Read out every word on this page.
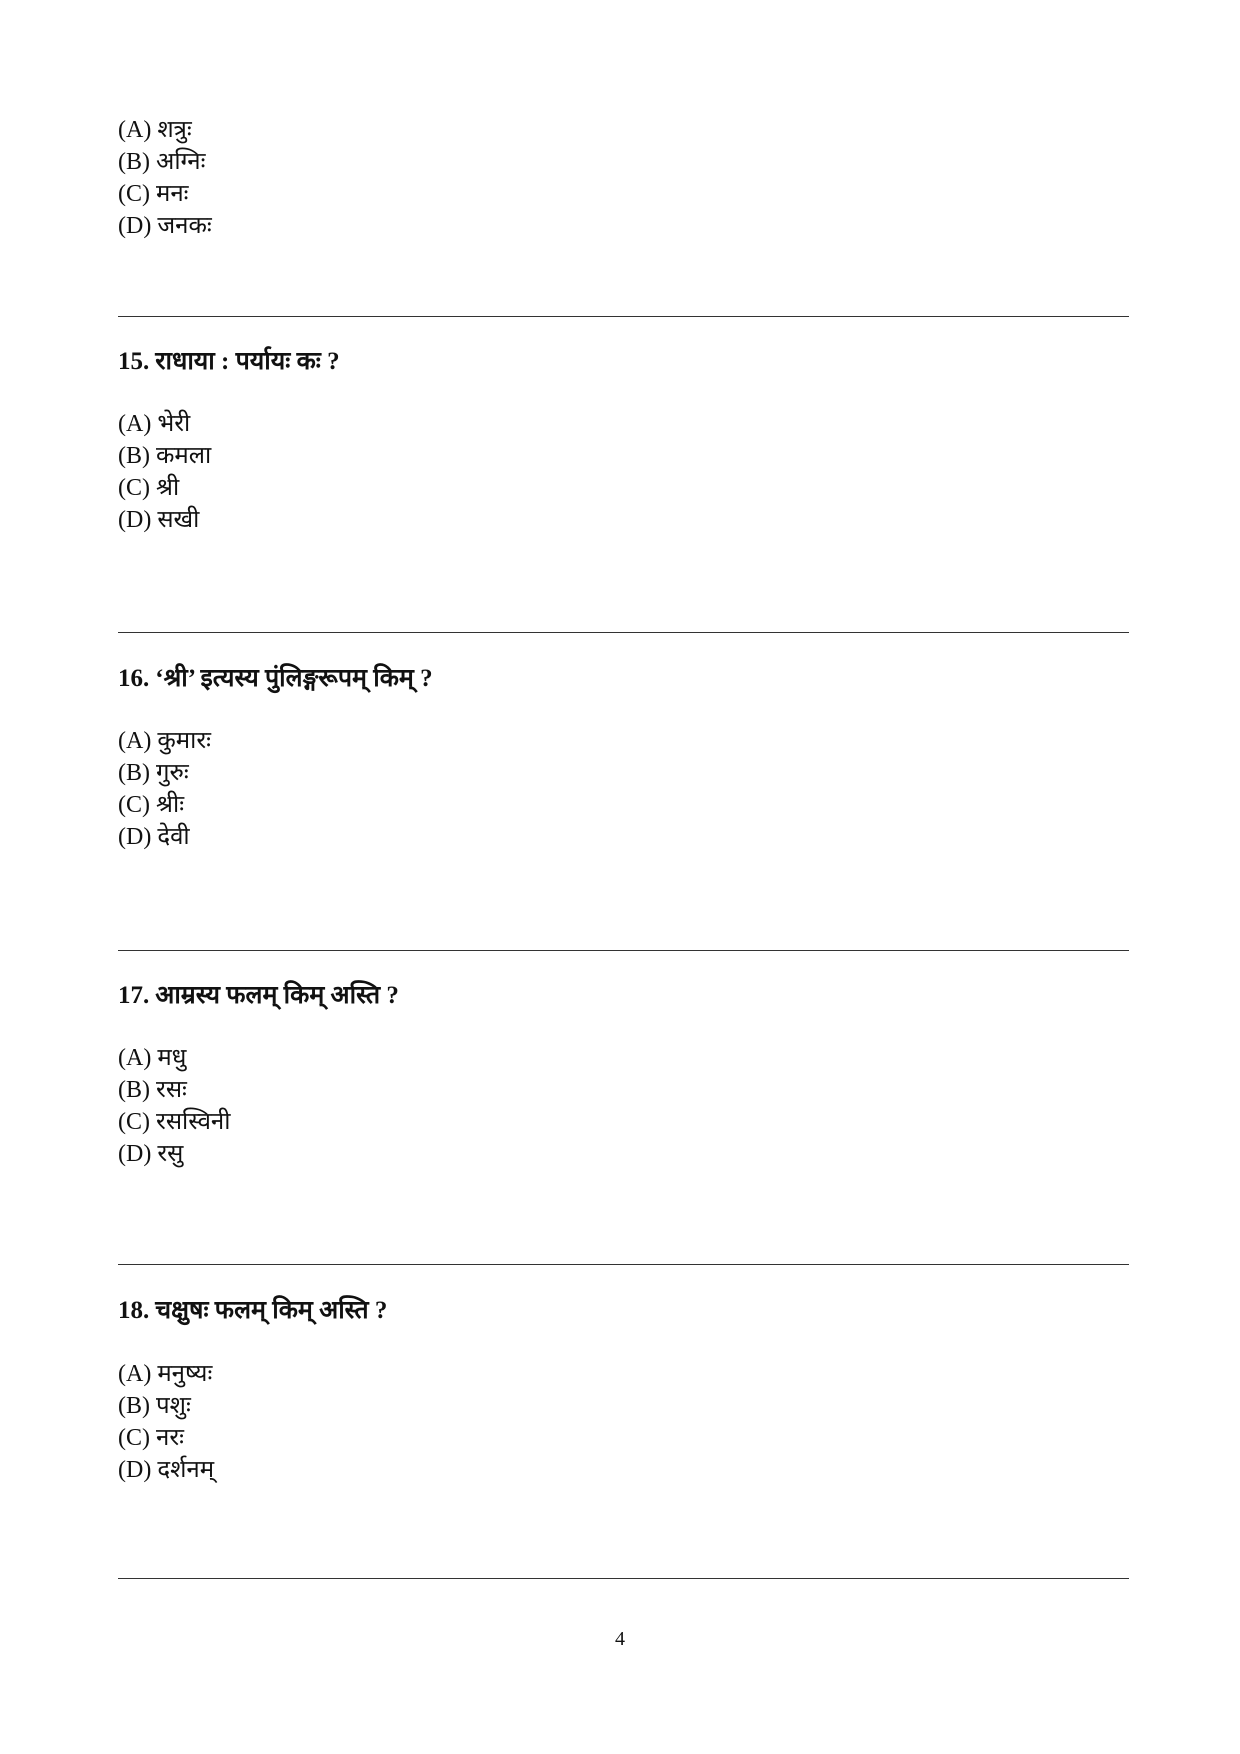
(A) शत्रुः
(B) अग्निः
(C) मनः
(D) जनकः

15. राधाया : पर्यायः कः ?

(A) भेरी
(B) कमला
(C) श्री
(D) सखी

16. ‘श्री’ इत्यस्य पुंलिङ्गरूपम् किम् ?

(A) कुमारः
(B) गुरुः
(C) श्रीः
(D) देवी

17. आम्रस्य फलम् किम् अस्ति ?

(A) मधु
(B) रसः
(C) रसस्विनी
(D) रसु

18. चक्षुषः फलम् किम् अस्ति ?

(A) मनुष्यः
(B) पशुः
(C) नरः
(D) दर्शनम्
4
